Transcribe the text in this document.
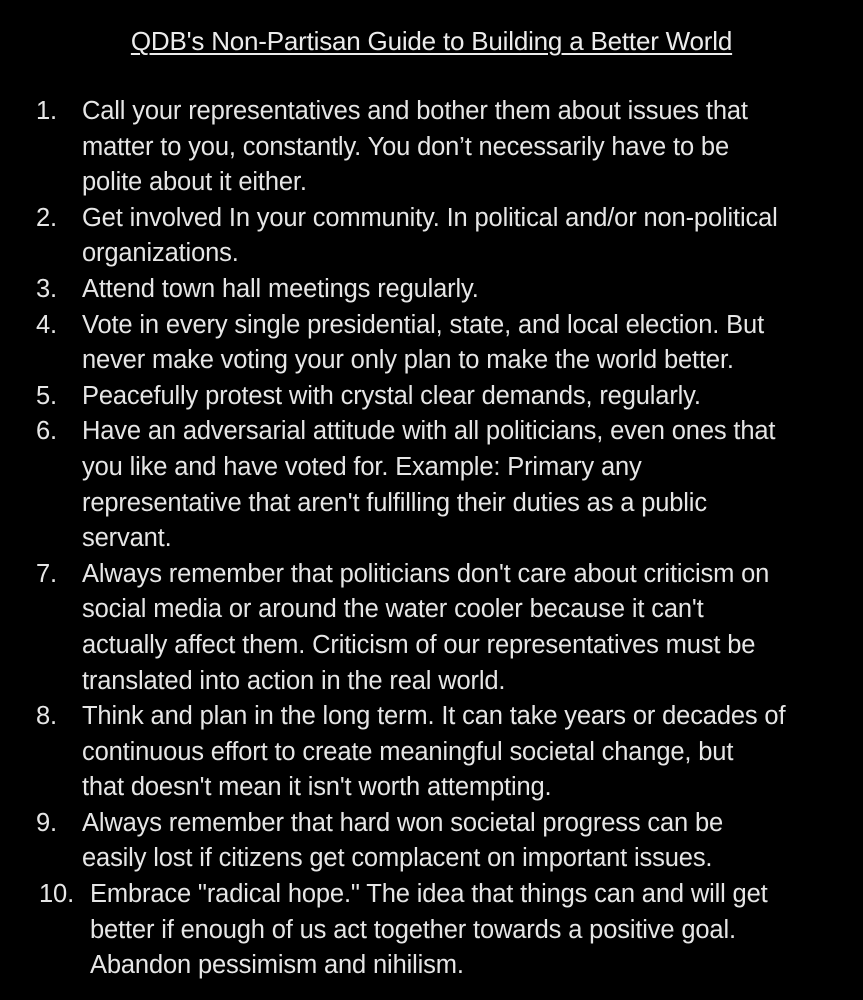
QDB's Non-Partisan Guide to Building a Better World
1. Call your representatives and bother them about issues that
matter to you, constantly. You don’t necessarily have to be
polite about it either.
2. Get involved In your community. In political and/or non-political
organizations.
3. Attend town hall meetings regularly.
4. Vote in every single presidential, state, and local election. But
never make voting your only plan to make the world better.
5. Peacefully protest with crystal clear demands, regularly.
6. Have an adversarial attitude with all politicians, even ones that
you like and have voted for. Example: Primary any
representative that aren't fulfilling their duties as a public
servant.
7. Always remember that politicians don't care about criticism on
social media or around the water cooler because it can't
actually affect them. Criticism of our representatives must be
translated into action in the real world.
8. Think and plan in the long term. It can take years or decades of
continuous effort to create meaningful societal change, but
that doesn't mean it isn't worth attempting.
9. Always remember that hard won societal progress can be
easily lost if citizens get complacent on important issues.
10. Embrace "radical hope." The idea that things can and will get
better if enough of us act together towards a positive goal.
Abandon pessimism and nihilism.
